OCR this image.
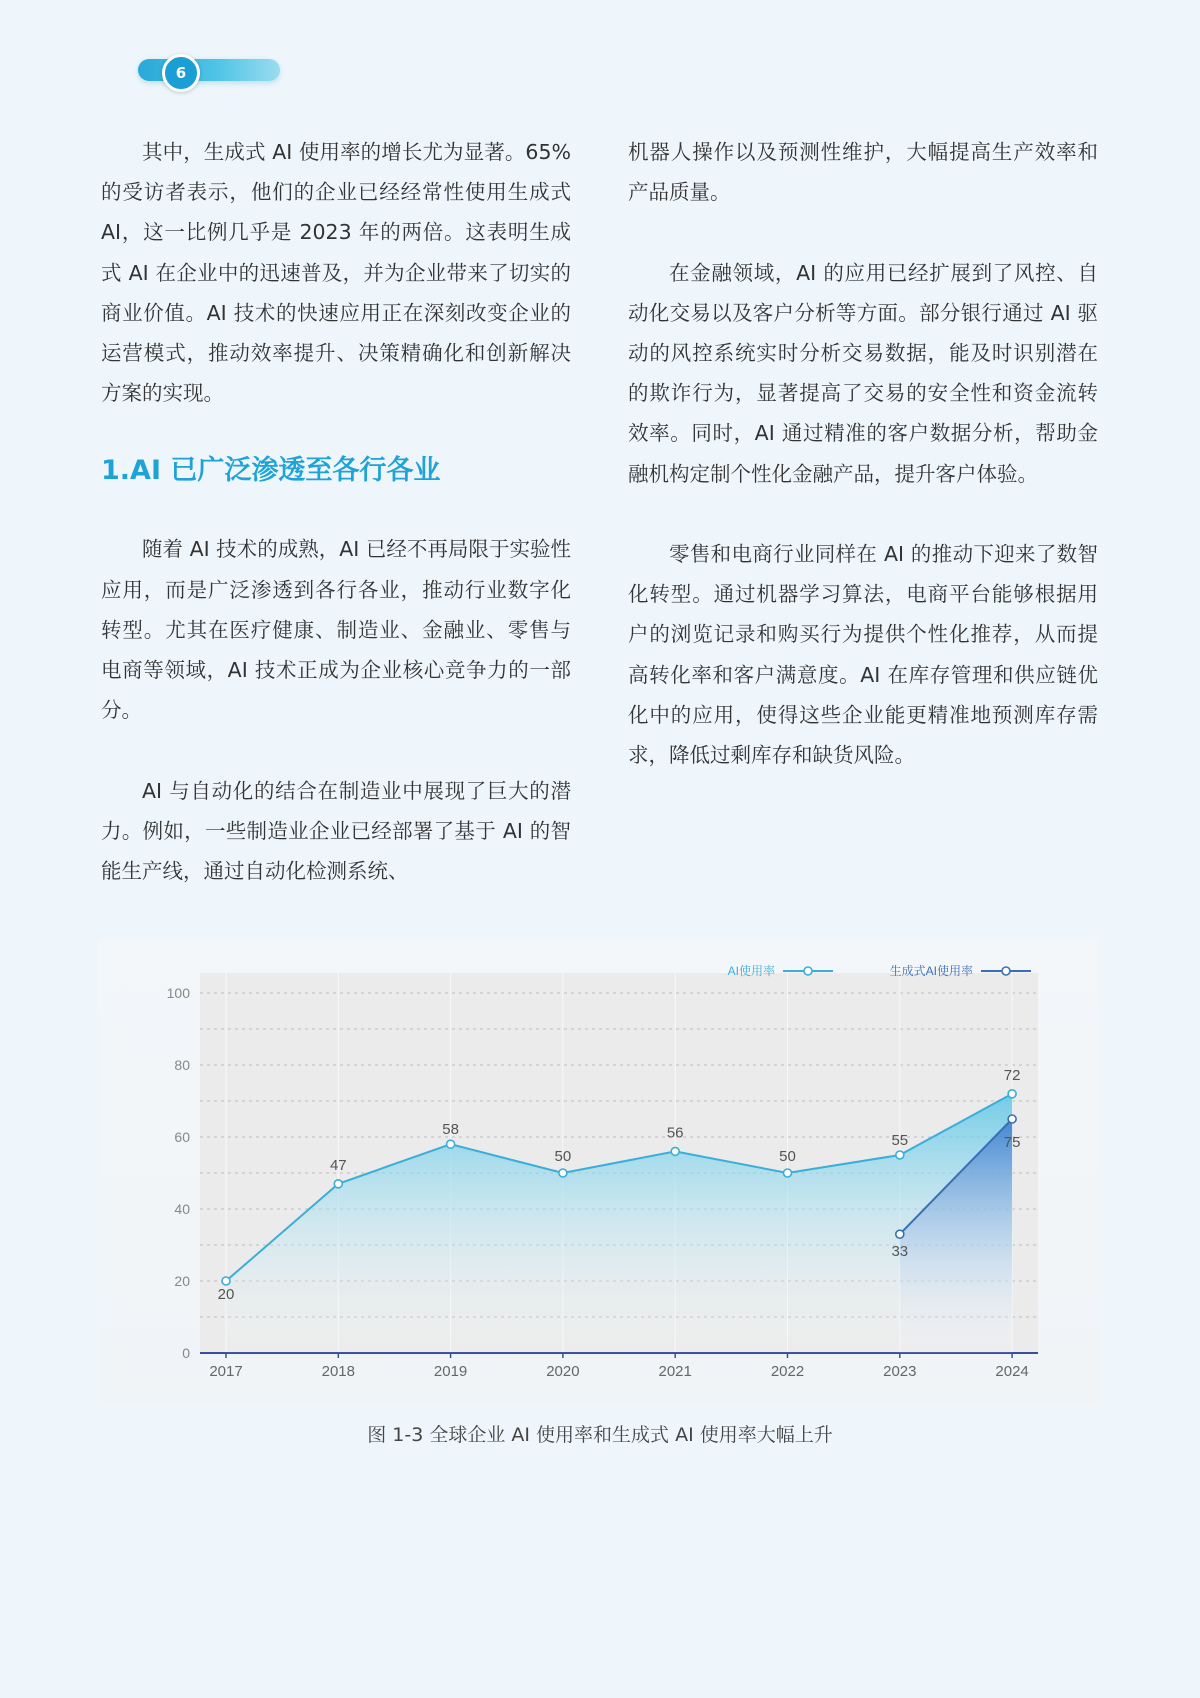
6

其中，生成式 AI 使用率的增长尤为显著。65% 的受访者表示，他们的企业已经经常性使用生成式 AI，这一比例几乎是 2023 年的两倍。这表明生成式 AI 在企业中的迅速普及，并为企业带来了切实的商业价值。AI 技术的快速应用正在深刻改变企业的运营模式，推动效率提升、决策精确化和创新解决方案的实现。

1.AI 已广泛渗透至各行各业

随着 AI 技术的成熟，AI 已经不再局限于实验性应用，而是广泛渗透到各行各业，推动行业数字化转型。尤其在医疗健康、制造业、金融业、零售与电商等领域，AI 技术正成为企业核心竞争力的一部分。

AI 与自动化的结合在制造业中展现了巨大的潜力。例如，一些制造业企业已经部署了基于 AI 的智能生产线，通过自动化检测系统、

机器人操作以及预测性维护，大幅提高生产效率和产品质量。

在金融领域，AI 的应用已经扩展到了风控、自动化交易以及客户分析等方面。部分银行通过 AI 驱动的风控系统实时分析交易数据，能及时识别潜在的欺诈行为，显著提高了交易的安全性和资金流转效率。同时，AI 通过精准的客户数据分析，帮助金融机构定制个性化金融产品，提升客户体验。

零售和电商行业同样在 AI 的推动下迎来了数智化转型。通过机器学习算法，电商平台能够根据用户的浏览记录和购买行为提供个性化推荐，从而提高转化率和客户满意度。AI 在库存管理和供应链优化中的应用，使得这些企业能更精准地预测库存需求，降低过剩库存和缺货风险。

0
20
40
60
80
100
2017	2018	2019	2020	2021	2022	2023	2024
20
47
58
50
56
50
55
72
33
75
AI使用率	生成式AI使用率
图 1-3 全球企业 AI 使用率和生成式 AI 使用率大幅上升
